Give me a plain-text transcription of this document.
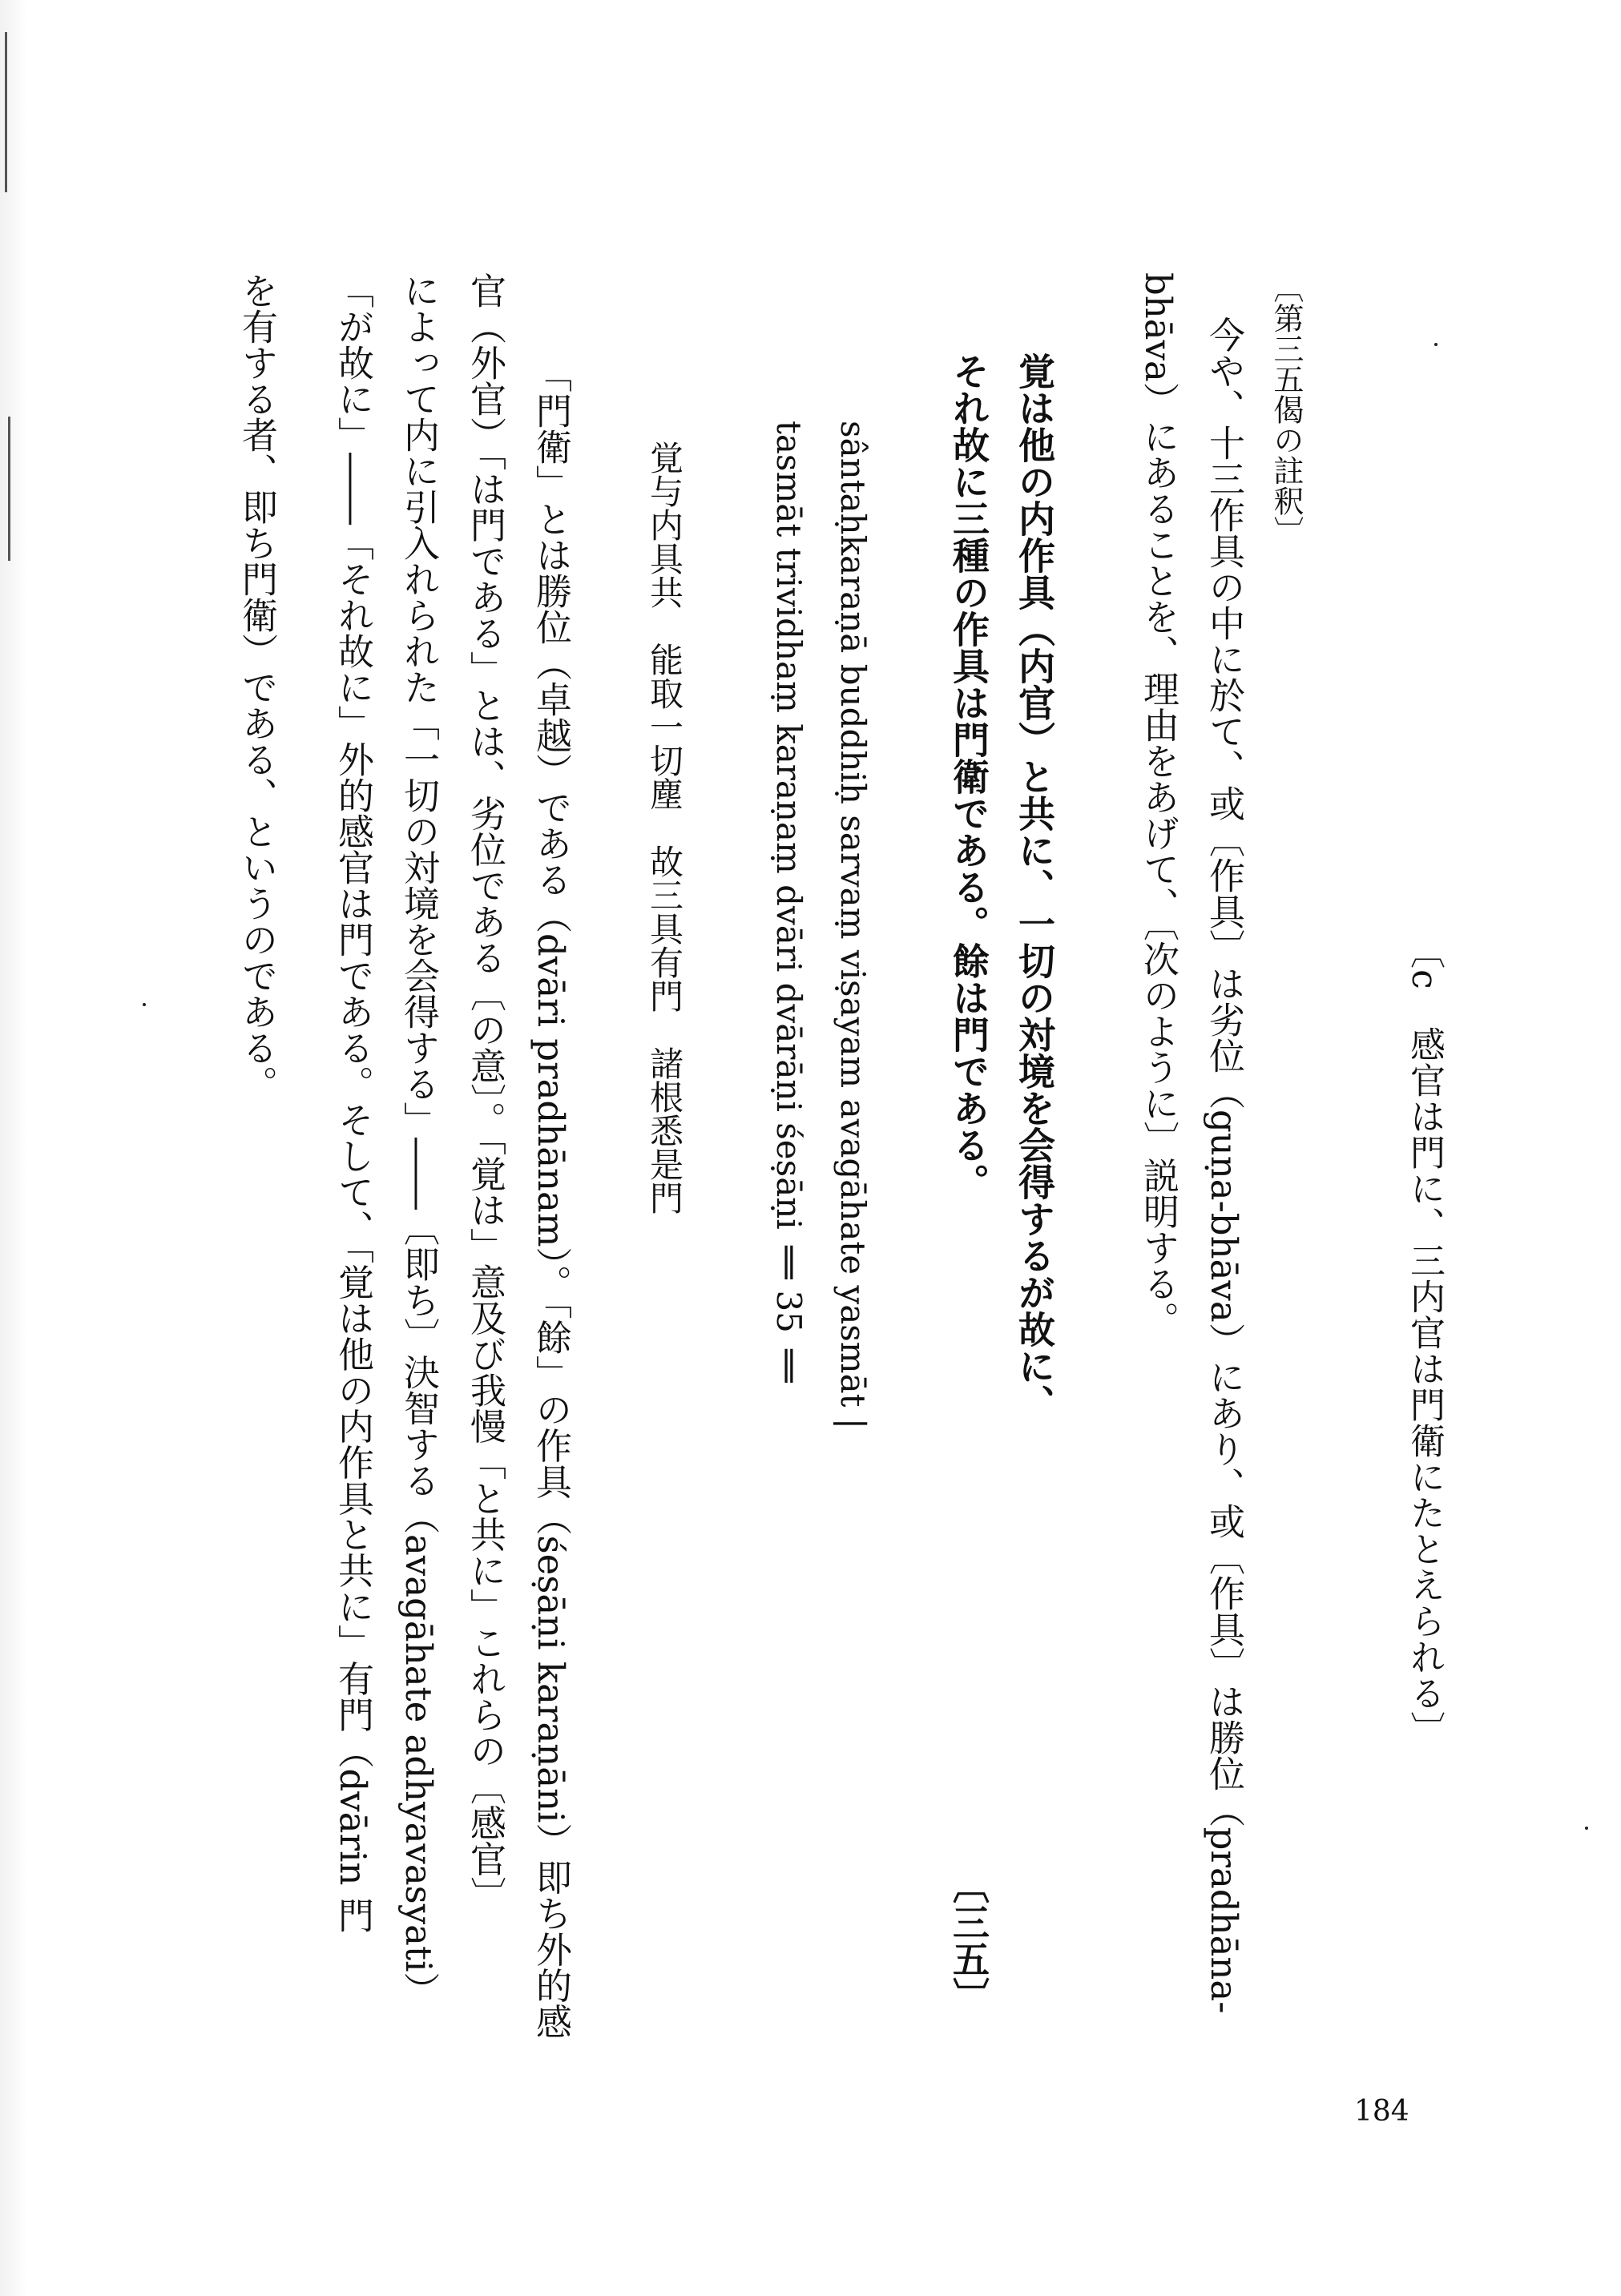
〔c　感官は門に、三内官は門衛にたとえられる〕
〔第三五偈の註釈〕
今や、十三作具の中に於て、或〔作具〕は劣位（guṇa-bhāva）にあり、或〔作具〕は勝位（pradhāna-
bhāva）にあることを、理由をあげて、〔次のように〕説明する。
覚は他の内作具（内官）と共に、一切の対境を会得するが故に、
それ故に三種の作具は門衛である。餘は門である。
〔三五〕
sântaḥkaraṇā buddhiḥ sarvaṃ viṣayam avagāhate yasmāt |
tasmāt trividhaṃ karaṇaṃ dvāri dvārāṇi śeṣāṇi ‖ 35 ‖
覚与内具共　能取一切塵　故三具有門　諸根悉是門
「門衛」とは勝位（卓越）である（dvāri pradhānam）。「餘」の作具（śeṣāṇi karaṇāni）即ち外的感
官（外官）「は門である」とは、劣位である〔の意〕。「覚は」意及び我慢「と共に」これらの〔感官〕
によって内に引入れられた「一切の対境を会得する」――〔即ち〕決智する（avagāhate adhyavasyati）
「が故に」――「それ故に」外的感官は門である。そして、「覚は他の内作具と共に」有門（dvārin 門
を有する者、即ち門衛）である、というのである。
184
